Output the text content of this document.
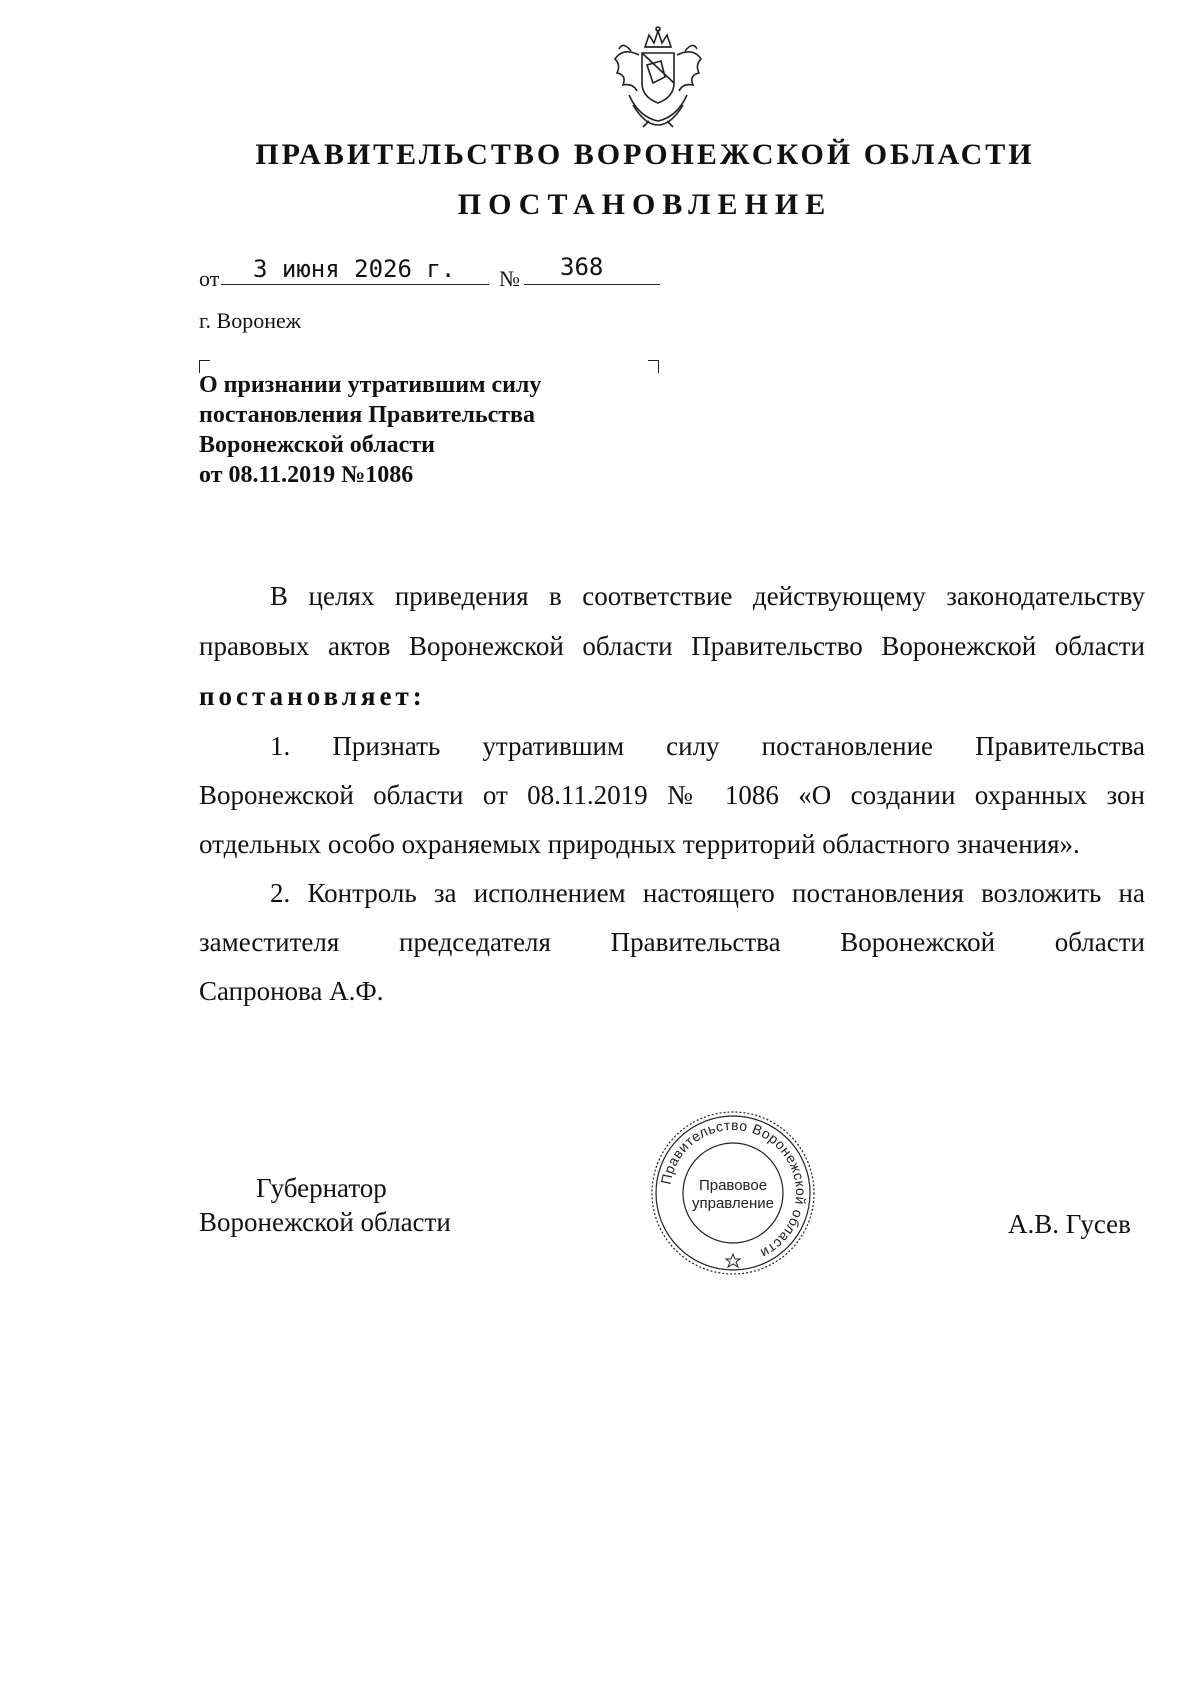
ПРАВИТЕЛЬСТВО ВОРОНЕЖСКОЙ ОБЛАСТИ
ПОСТАНОВЛЕНИЕ
от 3 июня 2026 г. № 368
г. Воронеж
О признании утратившим силу
постановления Правительства
Воронежской области
от 08.11.2019 №1086
В целях приведения в соответствие действующему законодательству
правовых актов Воронежской области Правительство Воронежской области
постановляет:
1. Признать утратившим силу постановление Правительства
Воронежской области от 08.11.2019 № 1086 «О создании охранных зон
отдельных особо охраняемых природных территорий областного значения».
2. Контроль за исполнением настоящего постановления возложить на
заместителя председателя Правительства Воронежской области
Сапронова А.Ф.
Губернатор
Воронежской области	А.В. Гусев
Правительство Воронежской области
Правовое
управление
